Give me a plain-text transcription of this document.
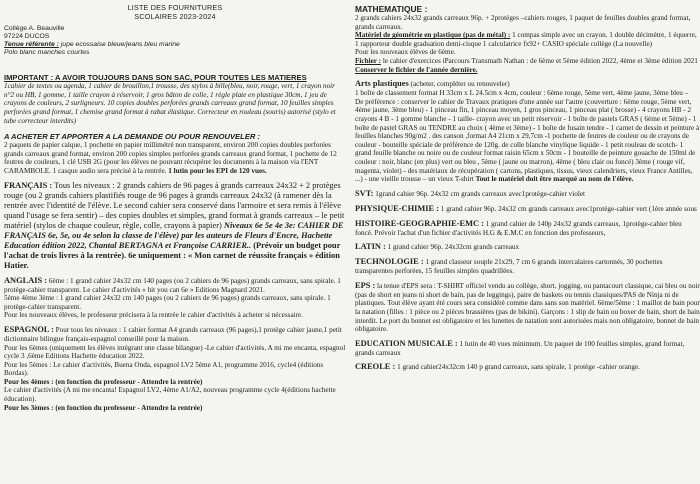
LISTE DES FOURNITURES
SCOLAIRES 2023-2024
Collège A. Beauville
97224 DUCOS
Tenue référente : jupe ecossaise bleue/jeans bleu marine
Polo blanc manches courtes
IMPORTANT : A AVOIR TOUJOURS DANS SON SAC, POUR TOUTES LES MATIERES

1cahier de textes ou agenda, 1 cahier de brouillon,1 trousse, des stylos à bille(bleu, noir, rouge, vert, 1 crayon noir n°2 ou HB, 1 gomme, 1 taille crayon à réservoir, 1 gros bâton de colle, 1 règle plate en plastique 30cm, 1 jeu de crayons de couleurs, 2 surligneurs. 10 copies doubles perforées grands carreaux grand format, 10 feuilles simples perforées grand format, 1 chemise grand format à rabat élastique. Correcteur en rouleau (souris) autorisé (stylo et tube correcteur interdits)

A ACHETER ET APPORTER A LA DEMANDE OU POUR RENOUVELER :

2 paquets de papier calque, 1 pochette en papier millimétré non transparent, environ 200 copies doubles perforées grands carreaux grand format, environ 200 copies simples perforées grands carreaux grand format, 1 pochette de 12 feutres de couleurs, 1 clé USB 2G (pour les élèves ne pouvant récupérer les documents à la maison via l'ENT CARAMBOLE. 1 casque audio sera précisé à la rentrée. 1 lutin pour les EPI de 120 vues.

FRANÇAIS : Tous les niveaux : 2 grands cahiers de 96 pages à grands carreaux 24x32 + 2 protèges rouge (ou 2 grands cahiers plastifiés rouge de 96 pages à grands carreaux 24x32 (à ramener dès la rentrée avec l'identité de l'élève. Le second cahier sera conservé dans l'armoire et sera remis à l'élève quand l'usage se fera sentir) – des copies doubles et simples, grand format à grands carreaux – le petit matériel (stylos de chaque couleur, règle, colle, crayons à papier) Niveaux 6e 5e 4e 3e: CAHIER DE FRANÇAIS 6e, 5e, ou 4e selon la classe de l'élève) par les auteurs de Fleurs d'Encre, Hachette Education édition 2022, Chantal BERTAGNA et Françoise CARRIER.. (Prévoir un budget pour l'achat de trois livres à la rentrée). 6e uniquement : « Mon carnet de réussite français » édition Hatier.

ANGLAIS : 6ème : 1 grand cahier 24x32 cm 140 pages (ou 2 cahiers de 96 pages) grands carreaux, sans spirale. 1 protège-cahier transparent. Le cahier d'activités « hit you can 6e » Editions Magnard 2021.
5ème 4ème 3ème : 1 grand cahier 24x32 cm 140 pages (ou 2 cahiers de 96 pages) grands carreaux, sans spirale. 1 protège-cahier transparent.
Pour les nouveaux élèves, le professeur précisera à la rentrée le cahier d'activités à acheter si nécessaire.

ESPAGNOL : Pour tous les niveaux : 1 cahier format A4 grands carreaux (96 pages),1 protège cahier jaune,1 petit dictionnaire bilingue français-espagnol conseillé pour la maison.
Pour les 6èmes (uniquement les élèves intégrant une classe bilangue) -Le cahier d'activités, A mi me encanta, espagnol cycle 3 ,6ème Editions Hachette éducation 2022.
Pour les 5èmes : Le cahier d'activités, Buena Onda, espagnol LV2 5ème A1, programme 2016, cycle4 (éditions Bordas).
Pour les 4èmes : (en fonction du professeur - Attendre la rentrée)
Le cahier d'activités (A mi me encanta! Espagnol LV2, 4ème A1/A2, nouveau programme cycle 4(éditions hachette éducation).
Pour les 3èmes : (en fonction du professeur - Attendre la rentrée)

MATHEMATIQUE :

2 grands cahiers 24x32 grands carreaux 96p. + 2protèges –cahiers rouges, 1 paquet de feuilles doubles grand format, grands carreaux.

Matériel de géométrie en plastique (pas de métal) : 1 compas simple avec un crayon. 1 double décimètre, 1 équerre, 1 rapporteur double graduation demi-cisque 1 calculatrice fx92+ CASIO spéciale collège (La nouvelle)

Pour les nouveaux élèves de 6ème.

Fichier : le cahier d'exercices iParcours Transmath Nathan : de 6ème et 5ème édition 2022, 4ème et 3ème édition 2021

Conserver le fichier de l'année dernière.

Arts plastiques (acheter, compléter ou renouveler)

1 boîte de classement format H 33cm x L 24.5cm x 4cm, couleur : 6ème rouge, 5ème vert, 4ème jaune, 3ème bleu –

De préférence : conserver le cahier de Travaux pratiques d'une année sur l'autre (couverture : 6ème rouge, 5ème vert, 4ème jaune, 3ème bleu) - 1 pinceau fin, 1 pinceau moyen, 1 gros pinceau, 1 pinceau plat ( brosse) - 4 crayons HB - 2 crayons 4 B - 1 gomme blanche - 1 taille- crayon avec un petit réservoir - 1 boîte de pastels GRAS ( 6ème et 5ème) - 1 boîte de pastel GRAS ou TENDRE au choix ( 4ème et 3ème) - 1 boîte de fusain tendre - 1 carnet de dessin et peinture à feuilles blanches 90g/m2 . des canson ,format A4 21cm x 29,7cm -1 pochette de feutres de couleur ou de crayons de couleur - bouteille spéciale de préférence de 120g. de colle blanche vinylique liquide - 1 petit rouleau de scotch- 1 grand feuille blanche ou noire ou de couleur format raisin 65cm x 50cm - 1 bouteille de peinture gouache de 150ml de couleur : noir, blanc (en plus) vert ou bleu , 5ème ( jaune ou marron), 4ème ( bleu clair ou foncé) 3ème ( rouge vif, magenta, violet) - des matériaux de récupération ( cartons, plastiques, tissus, vieux calendriers, vieux France Antilles, ...) - une vieille trousse – un vieux T-shirt Tout le matériel doit être marqué au nom de l'élève.

SVT: 1grand cahier 96p. 24x32 cm grands carreaux avec1protège-cahier violet

PHYSIQUE-CHIMIE : 1 grand cahier 96p. 24x32 cm grands carreaux avec1protège-cahier vert (1ère année sous

HISTOIRE-GEOGRAPHIE-EMC : 1 grand cahier de 140p 24x32 grands carreaux, 1protège-cahier bleu foncé. Prévoir l'achat d'un fichier d'activités H.G & E.M.C en fonction des professeurs,

LATIN : 1 grand cahier 96p. 24x32cm grands carreaux

TECHNOLOGIE : 1 grand classeur souple 21x29, 7 cm 6 grands intercalaires cartonnés, 30 pochettes transparentes perforées, 15 feuilles simples quadrillées.

EPS : la tenue d'EPS sera : T-SHIRT officiel vendu au collège, short, jogging, ou pantacourt classique, cai bleu ou noir (pas de short en jeans ni short de bain, pas de leggings), paire de baskets ou tennis classiques/PAS de Ninja ni de plastiques. Tout élève ayant été cours sera considéré comme dans sans son matériel. 6ème/5ème : 1 maillot de bain pour la natation (filles : 1 pièce ou 2 pièces brassières (pas de bikini). Garçons : 1 slip de bain ou boxer de bain, short de bain interdit. Le port du bonnet est obligatoire et les lunettes de natation sont autorisées mais non obligatoire, bonnet de bain obligatoire.

EDUCATION MUSICALE : 1 lutin de 40 vues minimum. Un paquet de 100 feuilles simples, grand format, grands carreaux

CREOLE : 1 grand cahier24x32cm 140 p grand carreaux, sans spirale, 1 protège -cahier orange.
